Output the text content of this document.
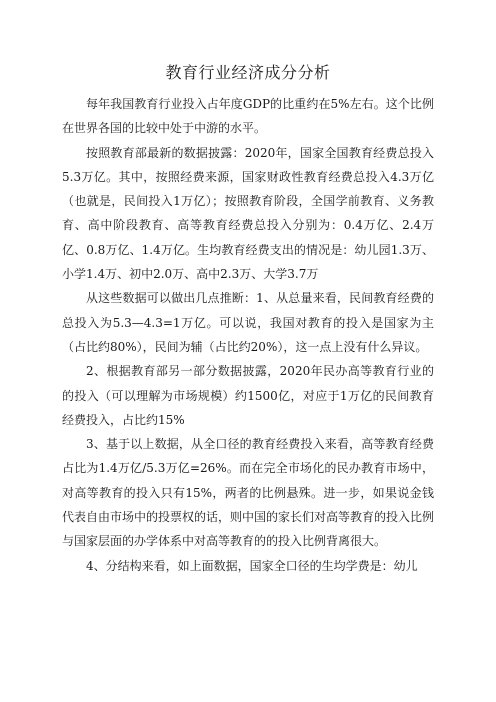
教育行业经济成分分析

每年我国教育行业投入占年度GDP的比重约在5%左右。这个比例在世界各国的比较中处于中游的水平。

按照教育部最新的数据披露：2020年，国家全国教育经费总投入5.3万亿。其中，按照经费来源，国家财政性教育经费总投入4.3万亿（也就是，民间投入1万亿）；按照教育阶段，全国学前教育、义务教育、高中阶段教育、高等教育经费总投入分别为：0.4万亿、2.4万亿、0.8万亿、1.4万亿。生均教育经费支出的情况是：幼儿园1.3万、小学1.4万、初中2.0万、高中2.3万、大学3.7万

从这些数据可以做出几点推断：1、从总量来看，民间教育经费的总投入为5.3—4.3=1万亿。可以说，我国对教育的投入是国家为主（占比约80%），民间为辅（占比约20%），这一点上没有什么异议。

2、根据教育部另一部分数据披露，2020年民办高等教育行业的的投入（可以理解为市场规模）约1500亿，对应于1万亿的民间教育经费投入，占比约15%

3、基于以上数据，从全口径的教育经费投入来看，高等教育经费占比为1.4万亿/5.3万亿=26%。而在完全市场化的民办教育市场中，对高等教育的投入只有15%，两者的比例悬殊。进一步，如果说金钱代表自由市场中的投票权的话，则中国的家长们对高等教育的投入比例与国家层面的办学体系中对高等教育的的投入比例背离很大。

4、分结构来看，如上面数据，国家全口径的生均学费是：幼儿
